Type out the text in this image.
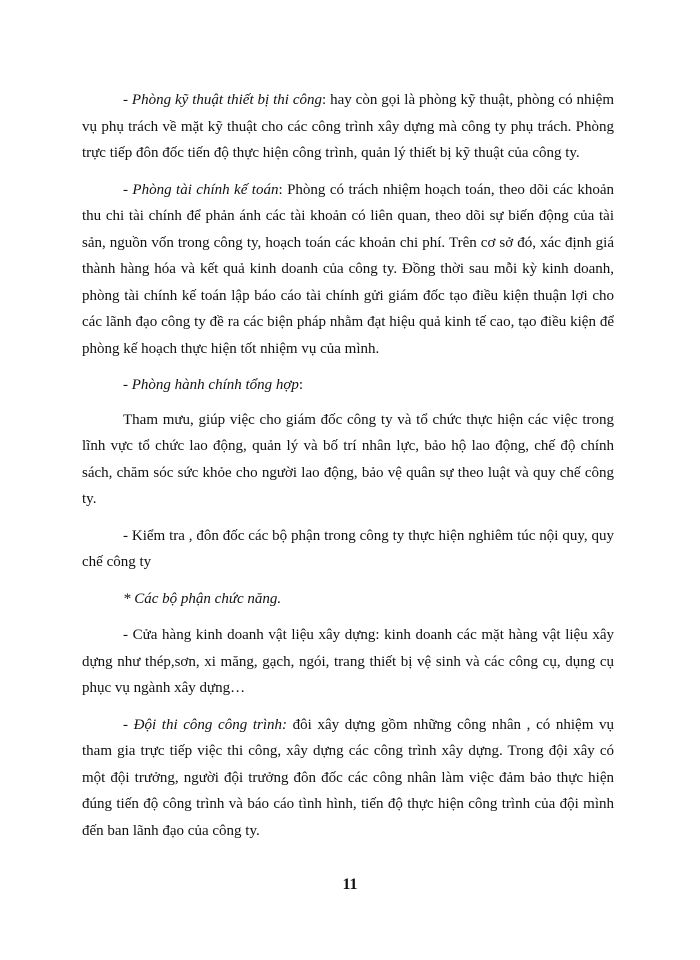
- Phòng kỹ thuật thiết bị thi công: hay còn gọi là phòng kỹ thuật, phòng có nhiệm vụ phụ trách về mặt kỹ thuật cho các công trình xây dựng mà công ty phụ trách. Phòng trực tiếp đôn đốc tiến độ thực hiện công trình, quản lý thiết bị kỹ thuật của công ty.

- Phòng tài chính kế toán: Phòng có trách nhiệm hoạch toán, theo dõi các khoản thu chi tài chính để phản ánh các tài khoản có liên quan, theo dõi sự biến động của tài sản, nguồn vốn trong công ty, hoạch toán các khoản chi phí. Trên cơ sở đó, xác định giá thành hàng hóa và kết quả kinh doanh của công ty. Đồng thời sau mỗi kỳ kinh doanh, phòng tài chính kế toán lập báo cáo tài chính gửi giám đốc tạo điều kiện thuận lợi cho các lãnh đạo công ty đề ra các biện pháp nhằm đạt hiệu quả kinh tế cao, tạo điều kiện để phòng kế hoạch thực hiện tốt nhiệm vụ của mình.

- Phòng hành chính tổng hợp:

Tham mưu, giúp việc cho giám đốc công ty và tổ chức thực hiện các việc trong lĩnh vực tổ chức lao động, quản lý và bố trí nhân lực, bảo hộ lao động, chế độ chính sách, chăm sóc sức khỏe cho người lao động, bảo vệ quân sự theo luật và quy chế công ty.

- Kiểm tra , đôn đốc các bộ phận trong công ty thực hiện nghiêm túc nội quy, quy chế công ty

* Các bộ phận chức năng.

- Cửa hàng kinh doanh vật liệu xây dựng: kinh doanh các mặt hàng vật liệu xây dựng như thép,sơn, xi măng, gạch, ngói, trang thiết bị vệ sinh và các công cụ, dụng cụ phục vụ ngành xây dựng…

- Đội thi công công trình: đôi xây dựng gồm những công nhân , có nhiệm vụ tham gia trực tiếp việc thi công, xây dựng các công trình xây dựng. Trong đội xây có một đội trưởng, người đội trưởng đôn đốc các công nhân làm việc đảm bảo thực hiện đúng tiến độ công trình và báo cáo tình hình, tiến độ thực hiện công trình của đội mình đến ban lãnh đạo của công ty.

11
